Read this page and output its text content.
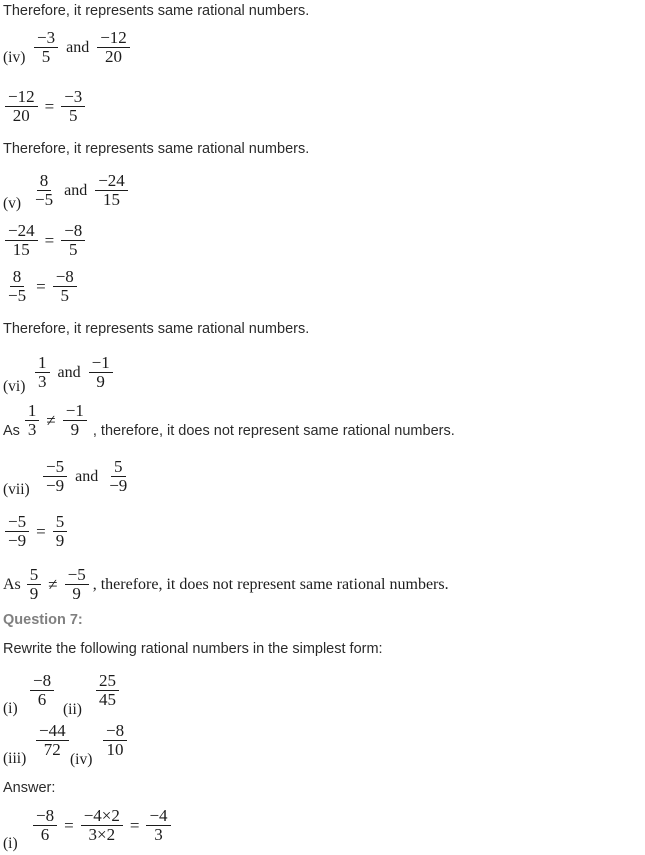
Therefore, it represents same rational numbers.
$(iv) \frac{-3}{5}$ and $\frac{-12}{20}$
$\frac{-12}{20} = \frac{-3}{5}$
Therefore, it represents same rational numbers.
$(v) \frac{8}{-5}$ and $\frac{-24}{15}$
$\frac{-24}{15} = \frac{-8}{5}$
$\frac{8}{-5} = \frac{-8}{5}$
Therefore, it represents same rational numbers.
$(vi) \frac{1}{3}$ and $\frac{-1}{9}$
As $\frac{1}{3} \ne \frac{-1}{9}$ , therefore, it does not represent same rational numbers.
$(vii) \frac{-5}{-9}$ and $\frac{5}{-9}$
$\frac{-5}{-9} = \frac{5}{9}$
As $\frac{5}{9} \ne \frac{-5}{9}$ , therefore, it does not represent same rational numbers.
Question 7:
Rewrite the following rational numbers in the simplest form:
$(i) \frac{-8}{6} (ii) \frac{25}{45}$
$(iii) \frac{-44}{72} (iv) \frac{-8}{10}$
Answer:
$(i) \frac{-8}{6} = \frac{-4\times 2}{3\times 2} = \frac{-4}{3}$
